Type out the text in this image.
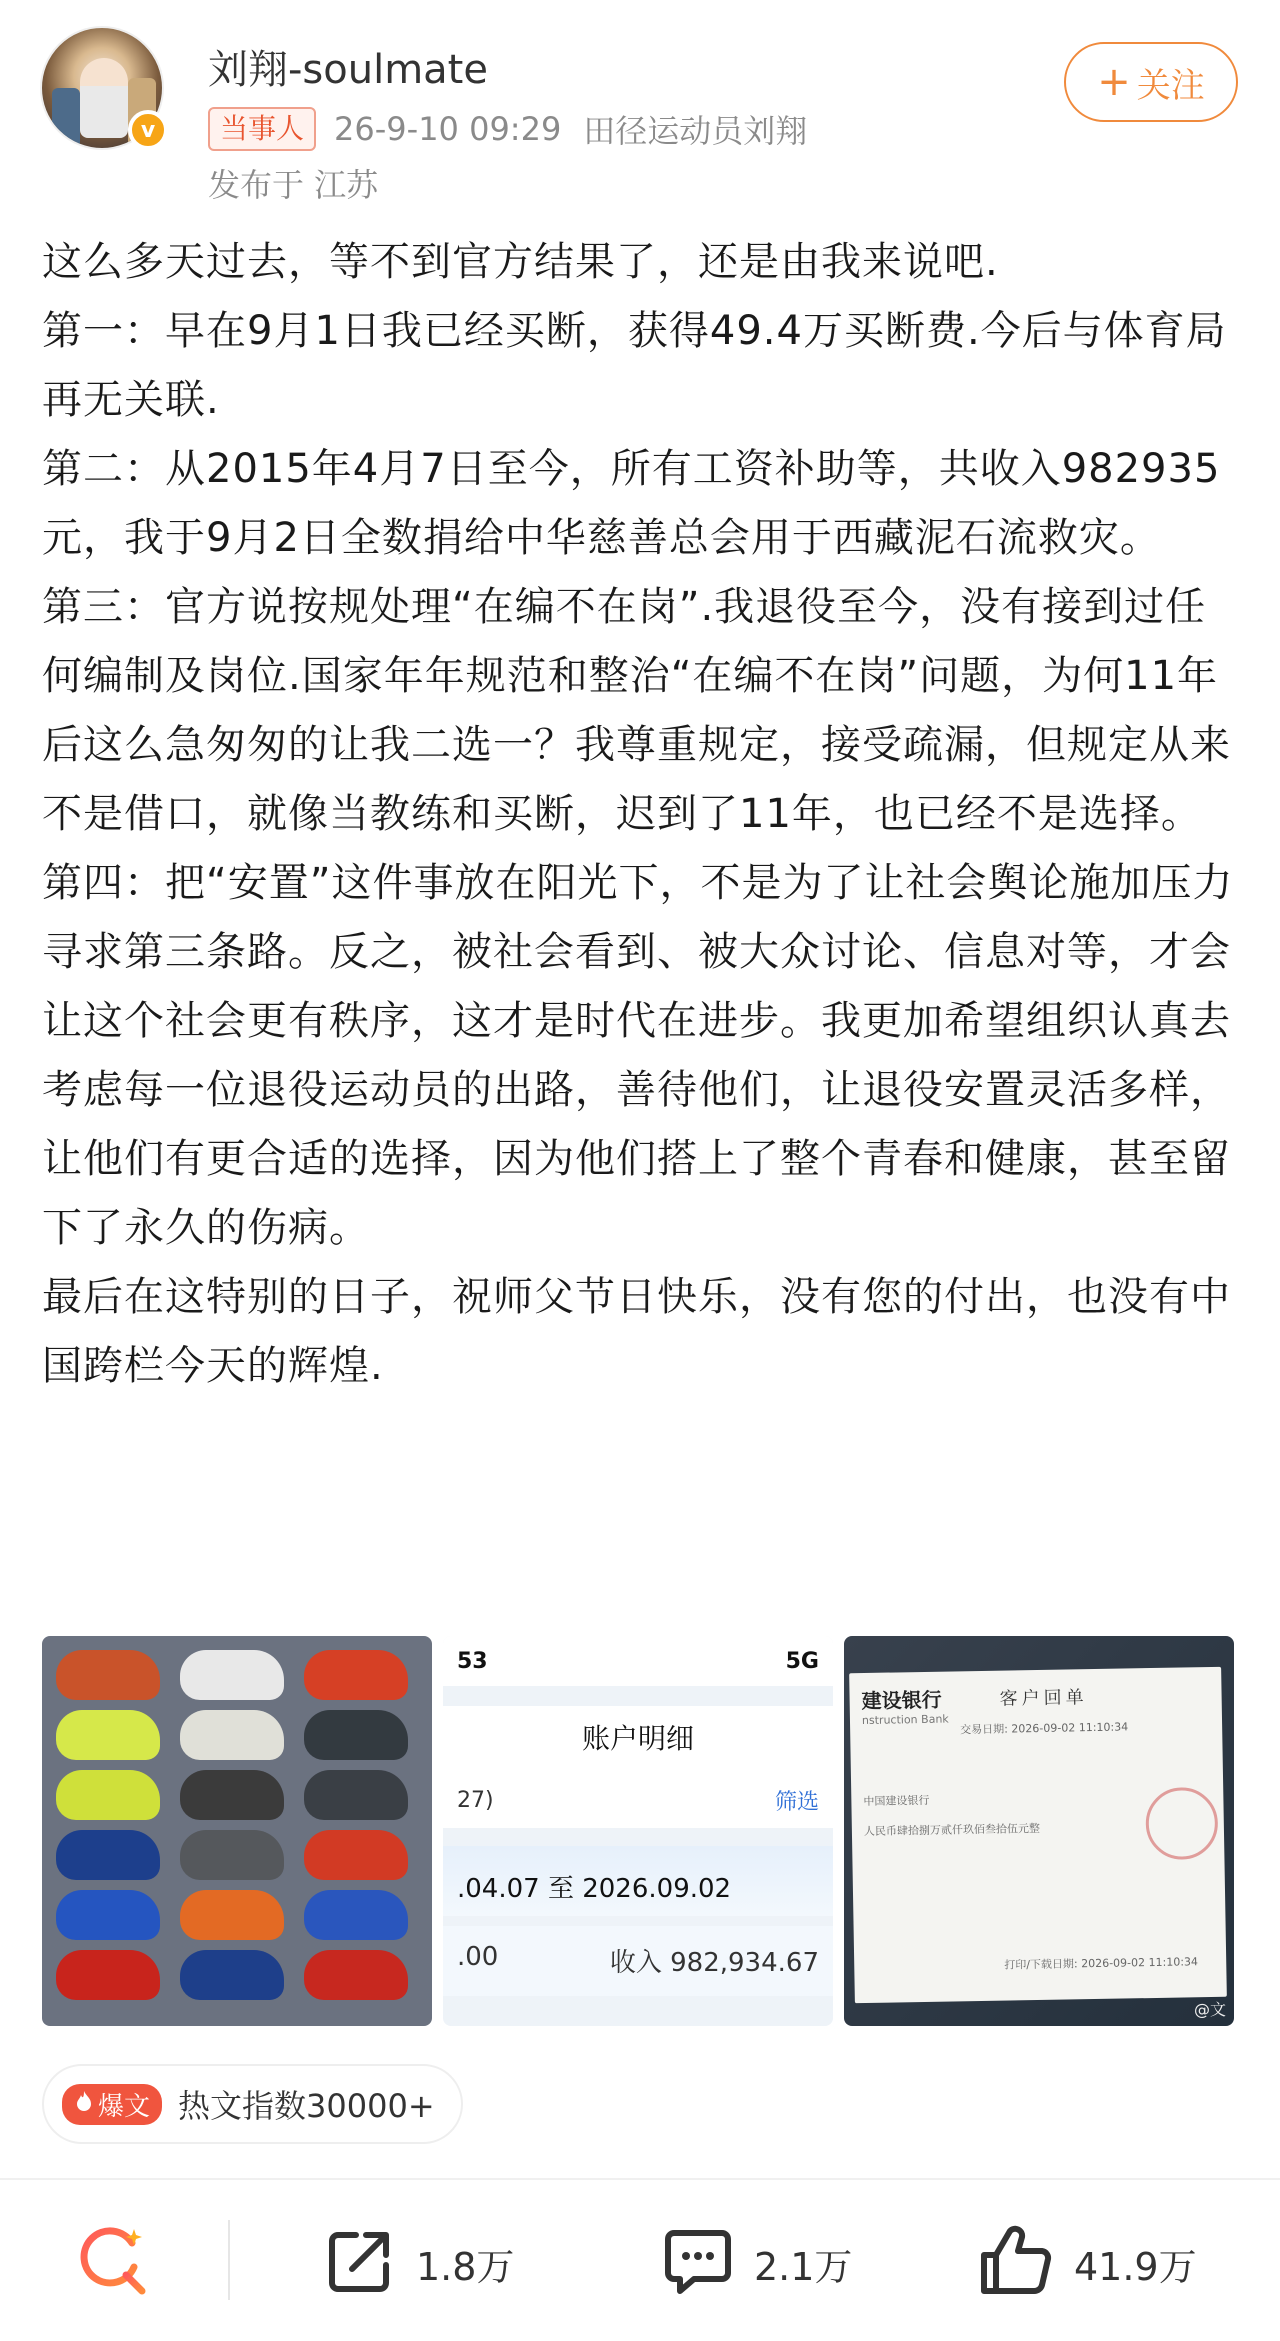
v
刘翔-soulmate
当事人 26-9-10 09:29 田径运动员刘翔
发布于 江苏
+ 关注

这么多天过去，等不到官方结果了，还是由我来说吧.

第一：早在9月1日我已经买断，获得49.4万买断费.今后与体育局再无关联.

第二：从2015年4月7日至今，所有工资补助等，共收入982935元，我于9月2日全数捐给中华慈善总会用于西藏泥石流救灾。

第三：官方说按规处理“在编不在岗”.我退役至今，没有接到过任何编制及岗位.国家年年规范和整治“在编不在岗”问题，为何11年后这么急匆匆的让我二选一？我尊重规定，接受疏漏，但规定从来不是借口，就像当教练和买断，迟到了11年，也已经不是选择。

第四：把“安置”这件事放在阳光下，不是为了让社会舆论施加压力寻求第三条路。反之，被社会看到、被大众讨论、信息对等，才会让这个社会更有秩序，这才是时代在进步。我更加希望组织认真去考虑每一位退役运动员的出路，善待他们，让退役安置灵活多样，让他们有更合适的选择，因为他们搭上了整个青春和健康，甚至留下了永久的伤病。

最后在这特别的日子，祝师父节日快乐，没有您的付出，也没有中国跨栏今天的辉煌.

53	5G
账户明细
27)	筛选
.04.07 至 2026.09.02
.00	收入 982,934.67
建设银行
nstruction Bank
客户回单
交易日期: 2026-09-02 11:10:34
中国建设银行
人民币肆拾捌万贰仟玖佰叁拾伍元整
打印/下载日期: 2026-09-02 11:10:34
@文
爆文 热文指数30000+
1.8万	2.1万	41.9万
